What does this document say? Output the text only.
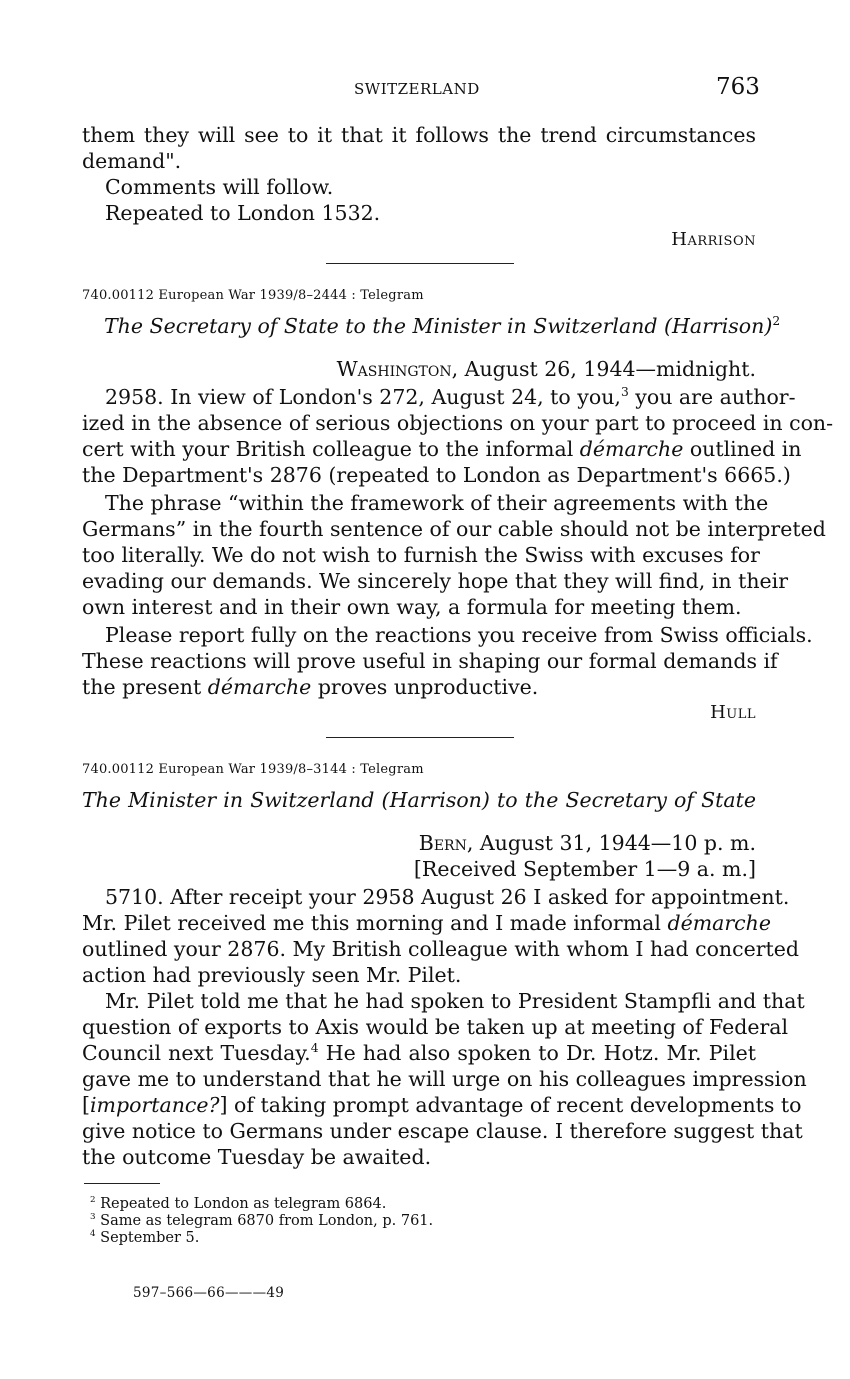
SWITZERLAND	763

them they will see to it that it follows the trend circumstances

demand".

Comments will follow.

Repeated to London 1532.

Harrison

740.00112 European War 1939/8–2444 : Telegram

The Secretary of State to the Minister in Switzerland (Harrison)$^2$

Washington, August 26, 1944—midnight.

2958. In view of London's 272, August 24, to you,$^3$ you are author-

ized in the absence of serious objections on your part to proceed in con-

cert with your British colleague to the informal démarche outlined in

the Department's 2876 (repeated to London as Department's 6665.)

The phrase “within the framework of their agreements with the

Germans” in the fourth sentence of our cable should not be interpreted

too literally. We do not wish to furnish the Swiss with excuses for

evading our demands. We sincerely hope that they will find, in their

own interest and in their own way, a formula for meeting them.

Please report fully on the reactions you receive from Swiss officials.

These reactions will prove useful in shaping our formal demands if

the present démarche proves unproductive.

Hull

740.00112 European War 1939/8–3144 : Telegram

The Minister in Switzerland (Harrison) to the Secretary of State

Bern, August 31, 1944—10 p. m.

[Received September 1—9 a. m.]

5710. After receipt your 2958 August 26 I asked for appointment.

Mr. Pilet received me this morning and I made informal démarche

outlined your 2876. My British colleague with whom I had concerted

action had previously seen Mr. Pilet.

Mr. Pilet told me that he had spoken to President Stampfli and that

question of exports to Axis would be taken up at meeting of Federal

Council next Tuesday.$^4$ He had also spoken to Dr. Hotz. Mr. Pilet

gave me to understand that he will urge on his colleagues impression

[importance?] of taking prompt advantage of recent developments to

give notice to Germans under escape clause. I therefore suggest that

the outcome Tuesday be awaited.

$^2$ Repeated to London as telegram 6864.

$^3$ Same as telegram 6870 from London, p. 761.

$^4$ September 5.

597–566—66———49
